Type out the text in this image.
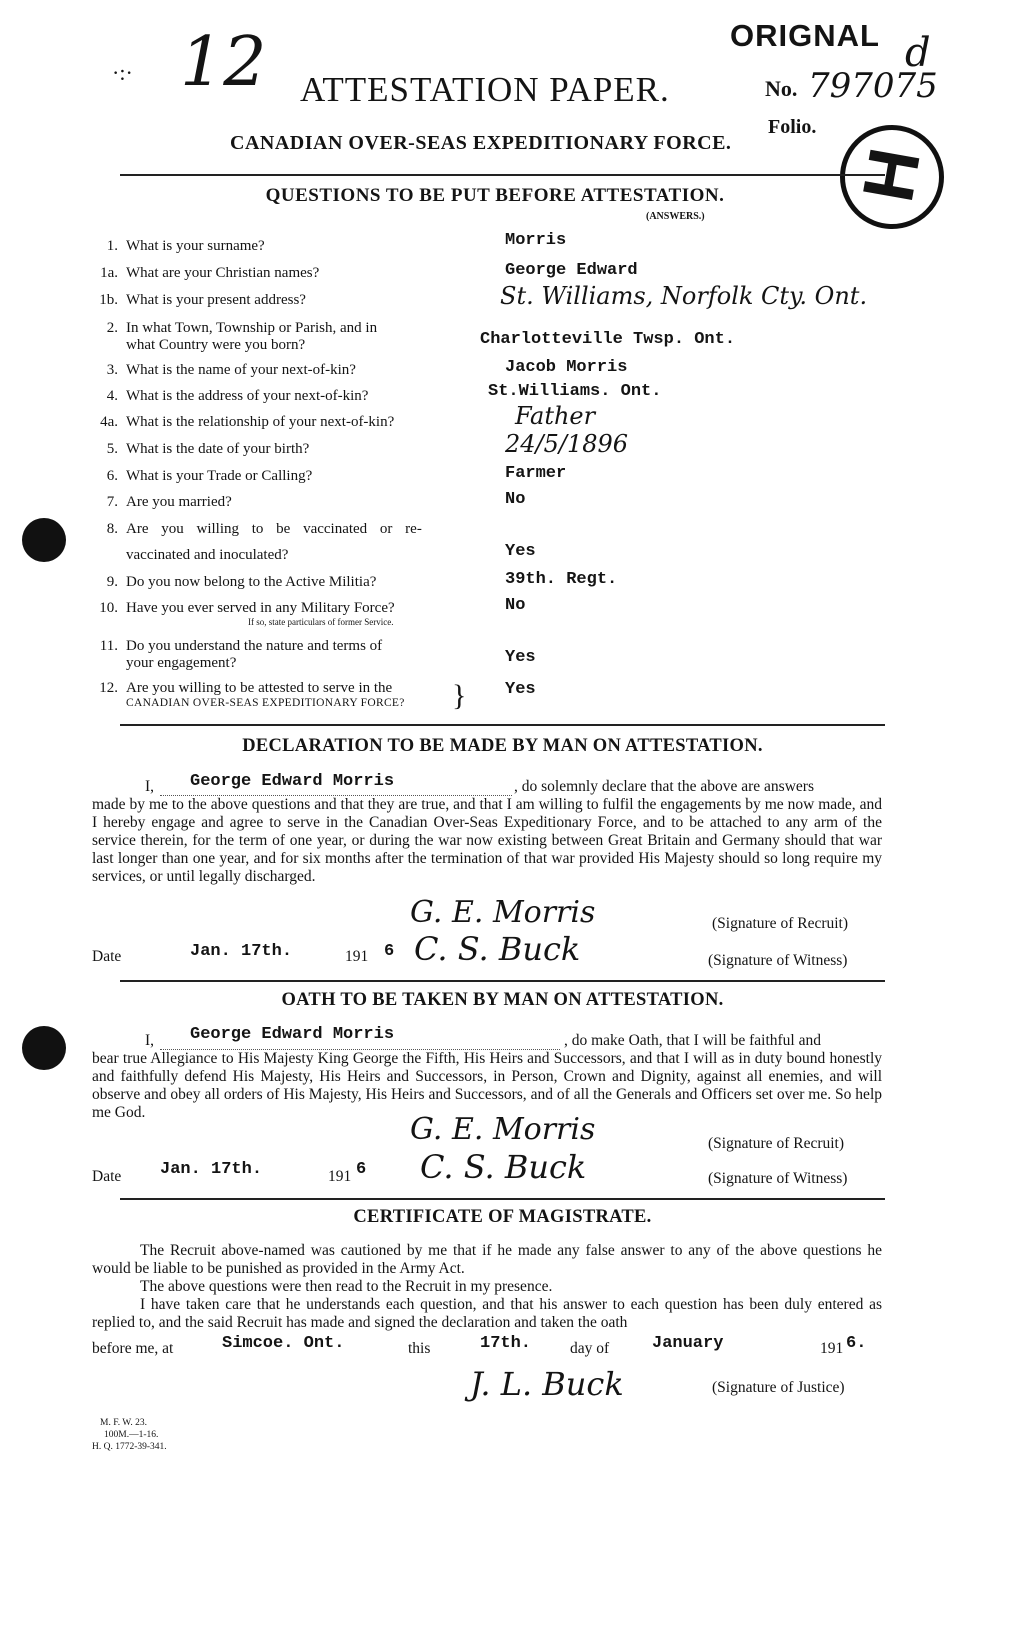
12
·:·
ORIGNAL d
ATTESTATION PAPER.
CANADIAN OVER-SEAS EXPEDITIONARY FORCE.
No. 797075
Folio.
H
QUESTIONS TO BE PUT BEFORE ATTESTATION.
(ANSWERS.)
1. What is your surname?	Morris
1a. What are your Christian names?	George Edward
1b. What is your present address?	St. Williams, Norfolk Cty. Ont.
2. In what Town, Township or Parish, and in
what Country were you born?	Charlotteville Twsp. Ont.
3. What is the name of your next-of-kin?	Jacob Morris
4. What is the address of your next-of-kin?	St.Williams. Ont.
4a. What is the relationship of your next-of-kin?	Father
5. What is the date of your birth?	24/5/1896
6. What is your Trade or Calling?	Farmer
7. Are you married?	No
8. Are you willing to be vaccinated or re-
vaccinated and inoculated?	Yes
9. Do you now belong to the Active Militia?	39th. Regt.
10. Have you ever served in any Military Force?
If so, state particulars of former Service.
No
11. Do you understand the nature and terms of
your engagement?	Yes
12. Are you willing to be attested to serve in the
CANADIAN OVER-SEAS EXPEDITIONARY FORCE? } Yes
DECLARATION TO BE MADE BY MAN ON ATTESTATION.
I, George Edward Morris	, do solemnly declare that the above are answers
made by me to the above questions and that they are true, and that I am willing to fulfil the engagements by me now made, and I hereby engage and agree to serve in the Canadian Over-Seas Expeditionary Force, and to be attached to any arm of the service therein, for the term of one year, or during the war now existing between Great Britain and Germany should that war last longer than one year, and for six months after the termination of that war provided His Majesty should so long require my services, or until legally discharged.
G. E. Morris	(Signature of Recruit)
Date	Jan. 17th.	191 6 C. S. Buck	(Signature of Witness)
OATH TO BE TAKEN BY MAN ON ATTESTATION.
I, George Edward Morris	, do make Oath, that I will be faithful and
bear true Allegiance to His Majesty King George the Fifth, His Heirs and Successors, and that I will as in duty bound honestly and faithfully defend His Majesty, His Heirs and Successors, in Person, Crown and Dignity, against all enemies, and will observe and obey all orders of His Majesty, His Heirs and Successors, and of all the Generals and Officers set over me. So help me God.	G. E. Morris	(Signature of Recruit)
Date Jan. 17th.	191 6 C. S. Buck	(Signature of Witness)
CERTIFICATE OF MAGISTRATE.
The Recruit above-named was cautioned by me that if he made any false answer to any of the above questions he would be liable to be punished as provided in the Army Act.
The above questions were then read to the Recruit in my presence.
I have taken care that he understands each question, and that his answer to each question has been duly entered as replied to, and the said Recruit has made and signed the declaration and taken the oath
before me, at	Simcoe. Ont.	this	17th.	day of	January	191 6.
J. L. Buck	(Signature of Justice)
M. F. W. 23.
100M.—1-16.
H. Q. 1772-39-341.
